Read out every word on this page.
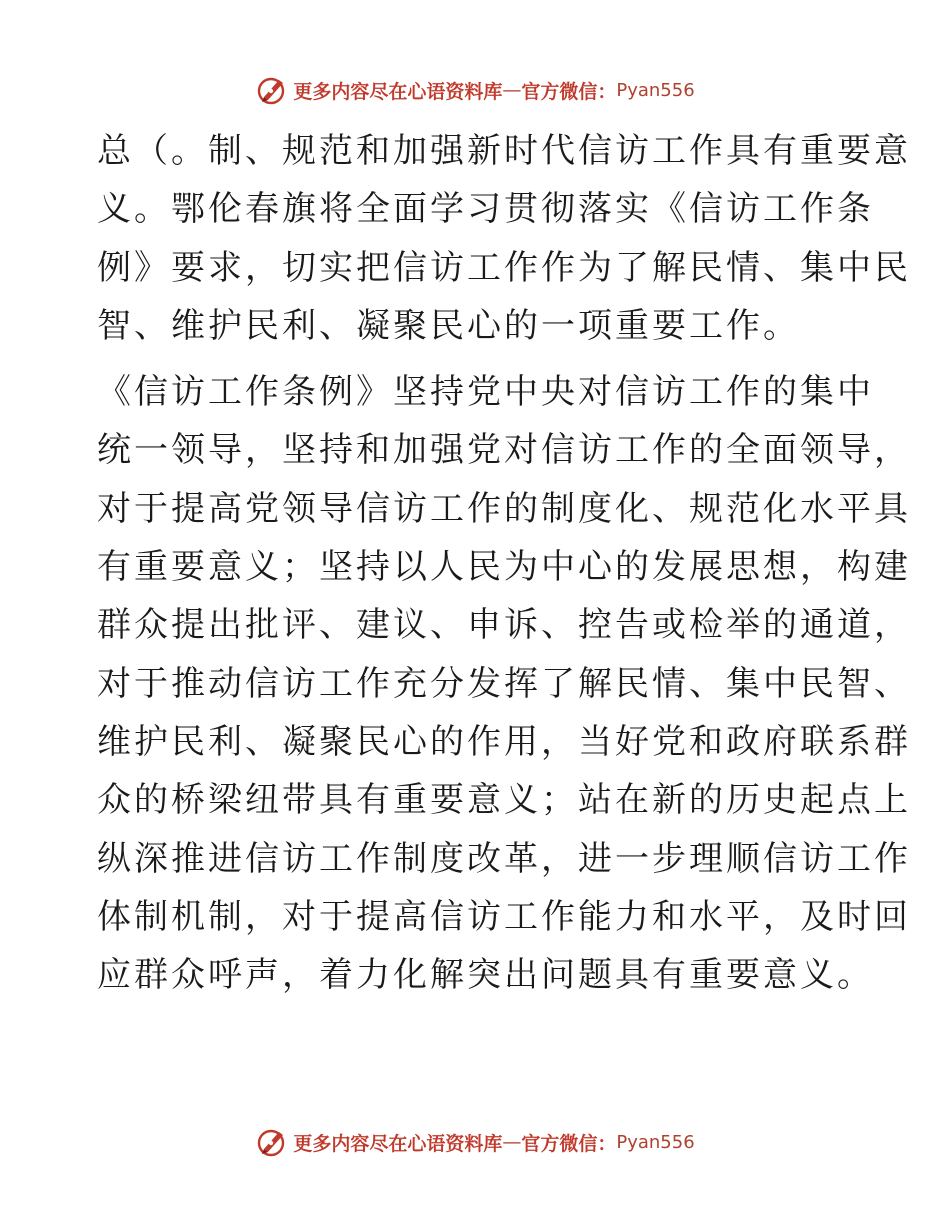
更多内容尽在心语资料库 — 官方微信： Pyan556

总（。制、规范和加强新时代信访工作具有重要意
义。鄂伦春旗将全面学习贯彻落实《信访工作条
例》要求，切实把信访工作作为了解民情、集中民
智、维护民利、凝聚民心的一项重要工作。

《信访工作条例》坚持党中央对信访工作的集中
统一领导，坚持和加强党对信访工作的全面领导，
对于提高党领导信访工作的制度化、规范化水平具
有重要意义；坚持以人民为中心的发展思想，构建
群众提出批评、建议、申诉、控告或检举的通道，
对于推动信访工作充分发挥了解民情、集中民智、
维护民利、凝聚民心的作用，当好党和政府联系群
众的桥梁纽带具有重要意义；站在新的历史起点上
纵深推进信访工作制度改革，进一步理顺信访工作
体制机制，对于提高信访工作能力和水平，及时回
应群众呼声，着力化解突出问题具有重要意义。

更多内容尽在心语资料库 — 官方微信： Pyan556
